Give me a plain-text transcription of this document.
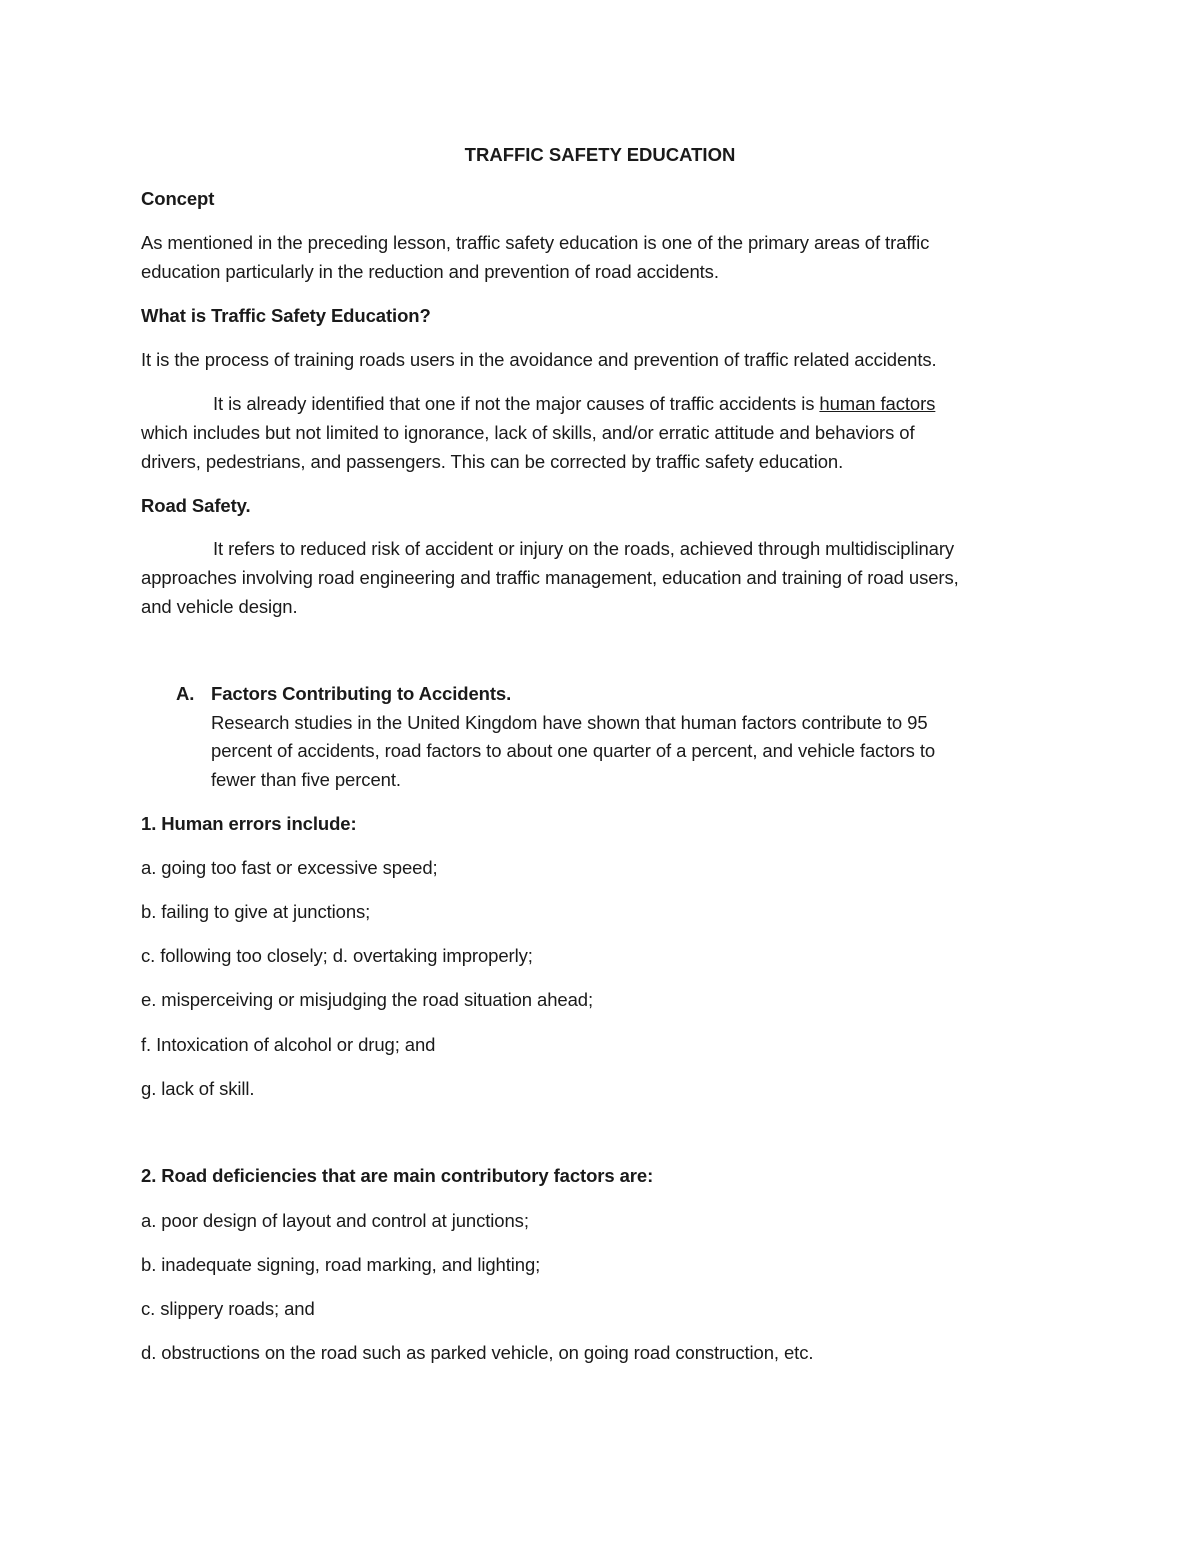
TRAFFIC SAFETY EDUCATION
Concept
As mentioned in the preceding lesson, traffic safety education is one of the primary areas of traffic
education particularly in the reduction and prevention of road accidents.
What is Traffic Safety Education?
It is the process of training roads users in the avoidance and prevention of traffic related accidents.
It is already identified that one if not the major causes of traffic accidents is human factors
which includes but not limited to ignorance, lack of skills, and/or erratic attitude and behaviors of
drivers, pedestrians, and passengers. This can be corrected by traffic safety education.
Road Safety.
It refers to reduced risk of accident or injury on the roads, achieved through multidisciplinary
approaches involving road engineering and traffic management, education and training of road users,
and vehicle design.
A. Factors Contributing to Accidents.
Research studies in the United Kingdom have shown that human factors contribute to 95
percent of accidents, road factors to about one quarter of a percent, and vehicle factors to
fewer than five percent.
1. Human errors include:
a. going too fast or excessive speed;
b. failing to give at junctions;
c. following too closely; d. overtaking improperly;
e. misperceiving or misjudging the road situation ahead;
f. Intoxication of alcohol or drug; and
g. lack of skill.
2. Road deficiencies that are main contributory factors are:
a. poor design of layout and control at junctions;
b. inadequate signing, road marking, and lighting;
c. slippery roads; and
d. obstructions on the road such as parked vehicle, on going road construction, etc.
